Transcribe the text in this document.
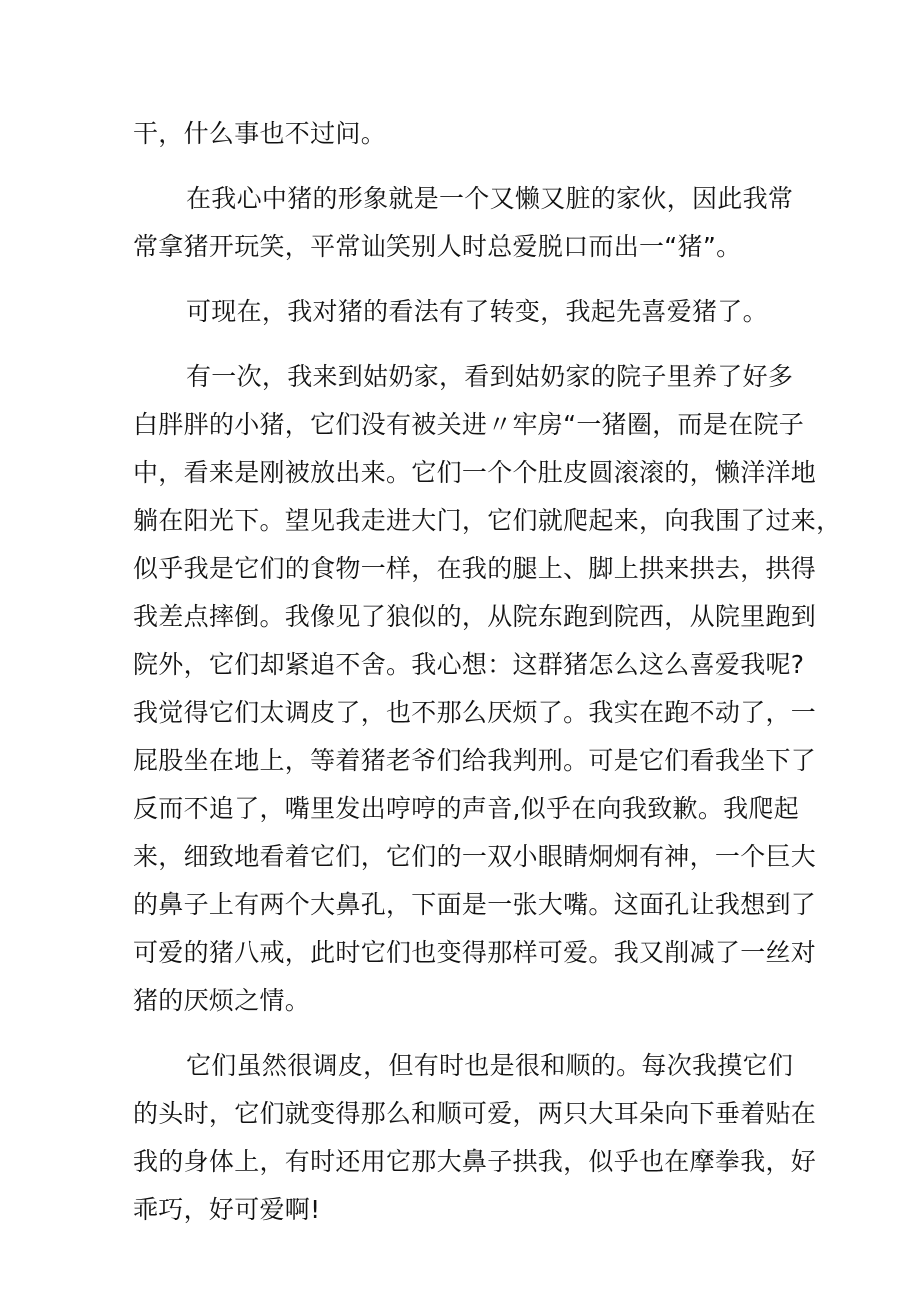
干，什么事也不过问。
在我心中猪的形象就是一个又懒又脏的家伙，因此我常
常拿猪开玩笑，平常讪笑别人时总爱脱口而出一“猪”。
可现在，我对猪的看法有了转变，我起先喜爱猪了。
有一次，我来到姑奶家，看到姑奶家的院子里养了好多
白胖胖的小猪，它们没有被关进〃牢房“一猪圈，而是在院子
中，看来是刚被放出来。它们一个个肚皮圆滚滚的，懒洋洋地
躺在阳光下。望见我走进大门，它们就爬起来，向我围了过来，
似乎我是它们的食物一样，在我的腿上、脚上拱来拱去，拱得
我差点摔倒。我像见了狼似的，从院东跑到院西，从院里跑到
院外，它们却紧追不舍。我心想：这群猪怎么这么喜爱我呢?
我觉得它们太调皮了，也不那么厌烦了。我实在跑不动了，一
屁股坐在地上，等着猪老爷们给我判刑。可是它们看我坐下了
反而不追了，嘴里发出哼哼的声音,似乎在向我致歉。我爬起
来，细致地看着它们，它们的一双小眼睛炯炯有神，一个巨大
的鼻子上有两个大鼻孔，下面是一张大嘴。这面孔让我想到了
可爱的猪八戒，此时它们也变得那样可爱。我又削减了一丝对
猪的厌烦之情。
它们虽然很调皮，但有时也是很和顺的。每次我摸它们
的头时，它们就变得那么和顺可爱，两只大耳朵向下垂着贴在
我的身体上，有时还用它那大鼻子拱我，似乎也在摩拳我，好
乖巧，好可爱啊!
